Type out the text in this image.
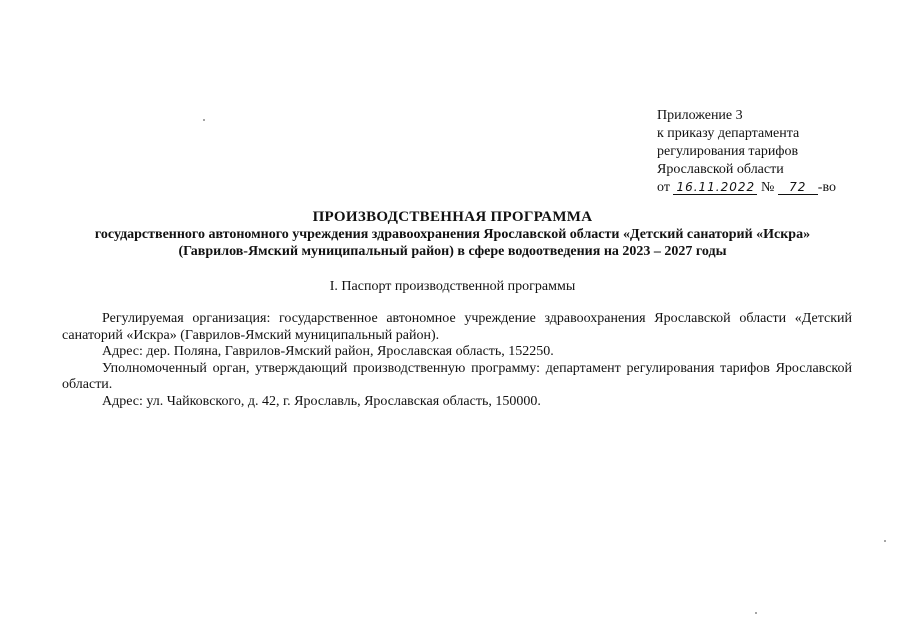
Приложение 3
к приказу департамента
регулирования тарифов
Ярославской области
от 16.11.2022 № 72 -во
ПРОИЗВОДСТВЕННАЯ ПРОГРАММА
государственного автономного учреждения здравоохранения Ярославской области «Детский санаторий «Искра»
(Гаврилов-Ямский муниципальный район) в сфере водоотведения на 2023 – 2027 годы
I. Паспорт производственной программы

Регулируемая организация: государственное автономное учреждение здравоохранения Ярославской области «Детский санаторий «Искра» (Гаврилов-Ямский муниципальный район).

Адрес: дер. Поляна, Гаврилов-Ямский район, Ярославская область, 152250.

Уполномоченный орган, утверждающий производственную программу: департамент регулирования тарифов Ярославской области.

Адрес: ул. Чайковского, д. 42, г. Ярославль, Ярославская область, 150000.
